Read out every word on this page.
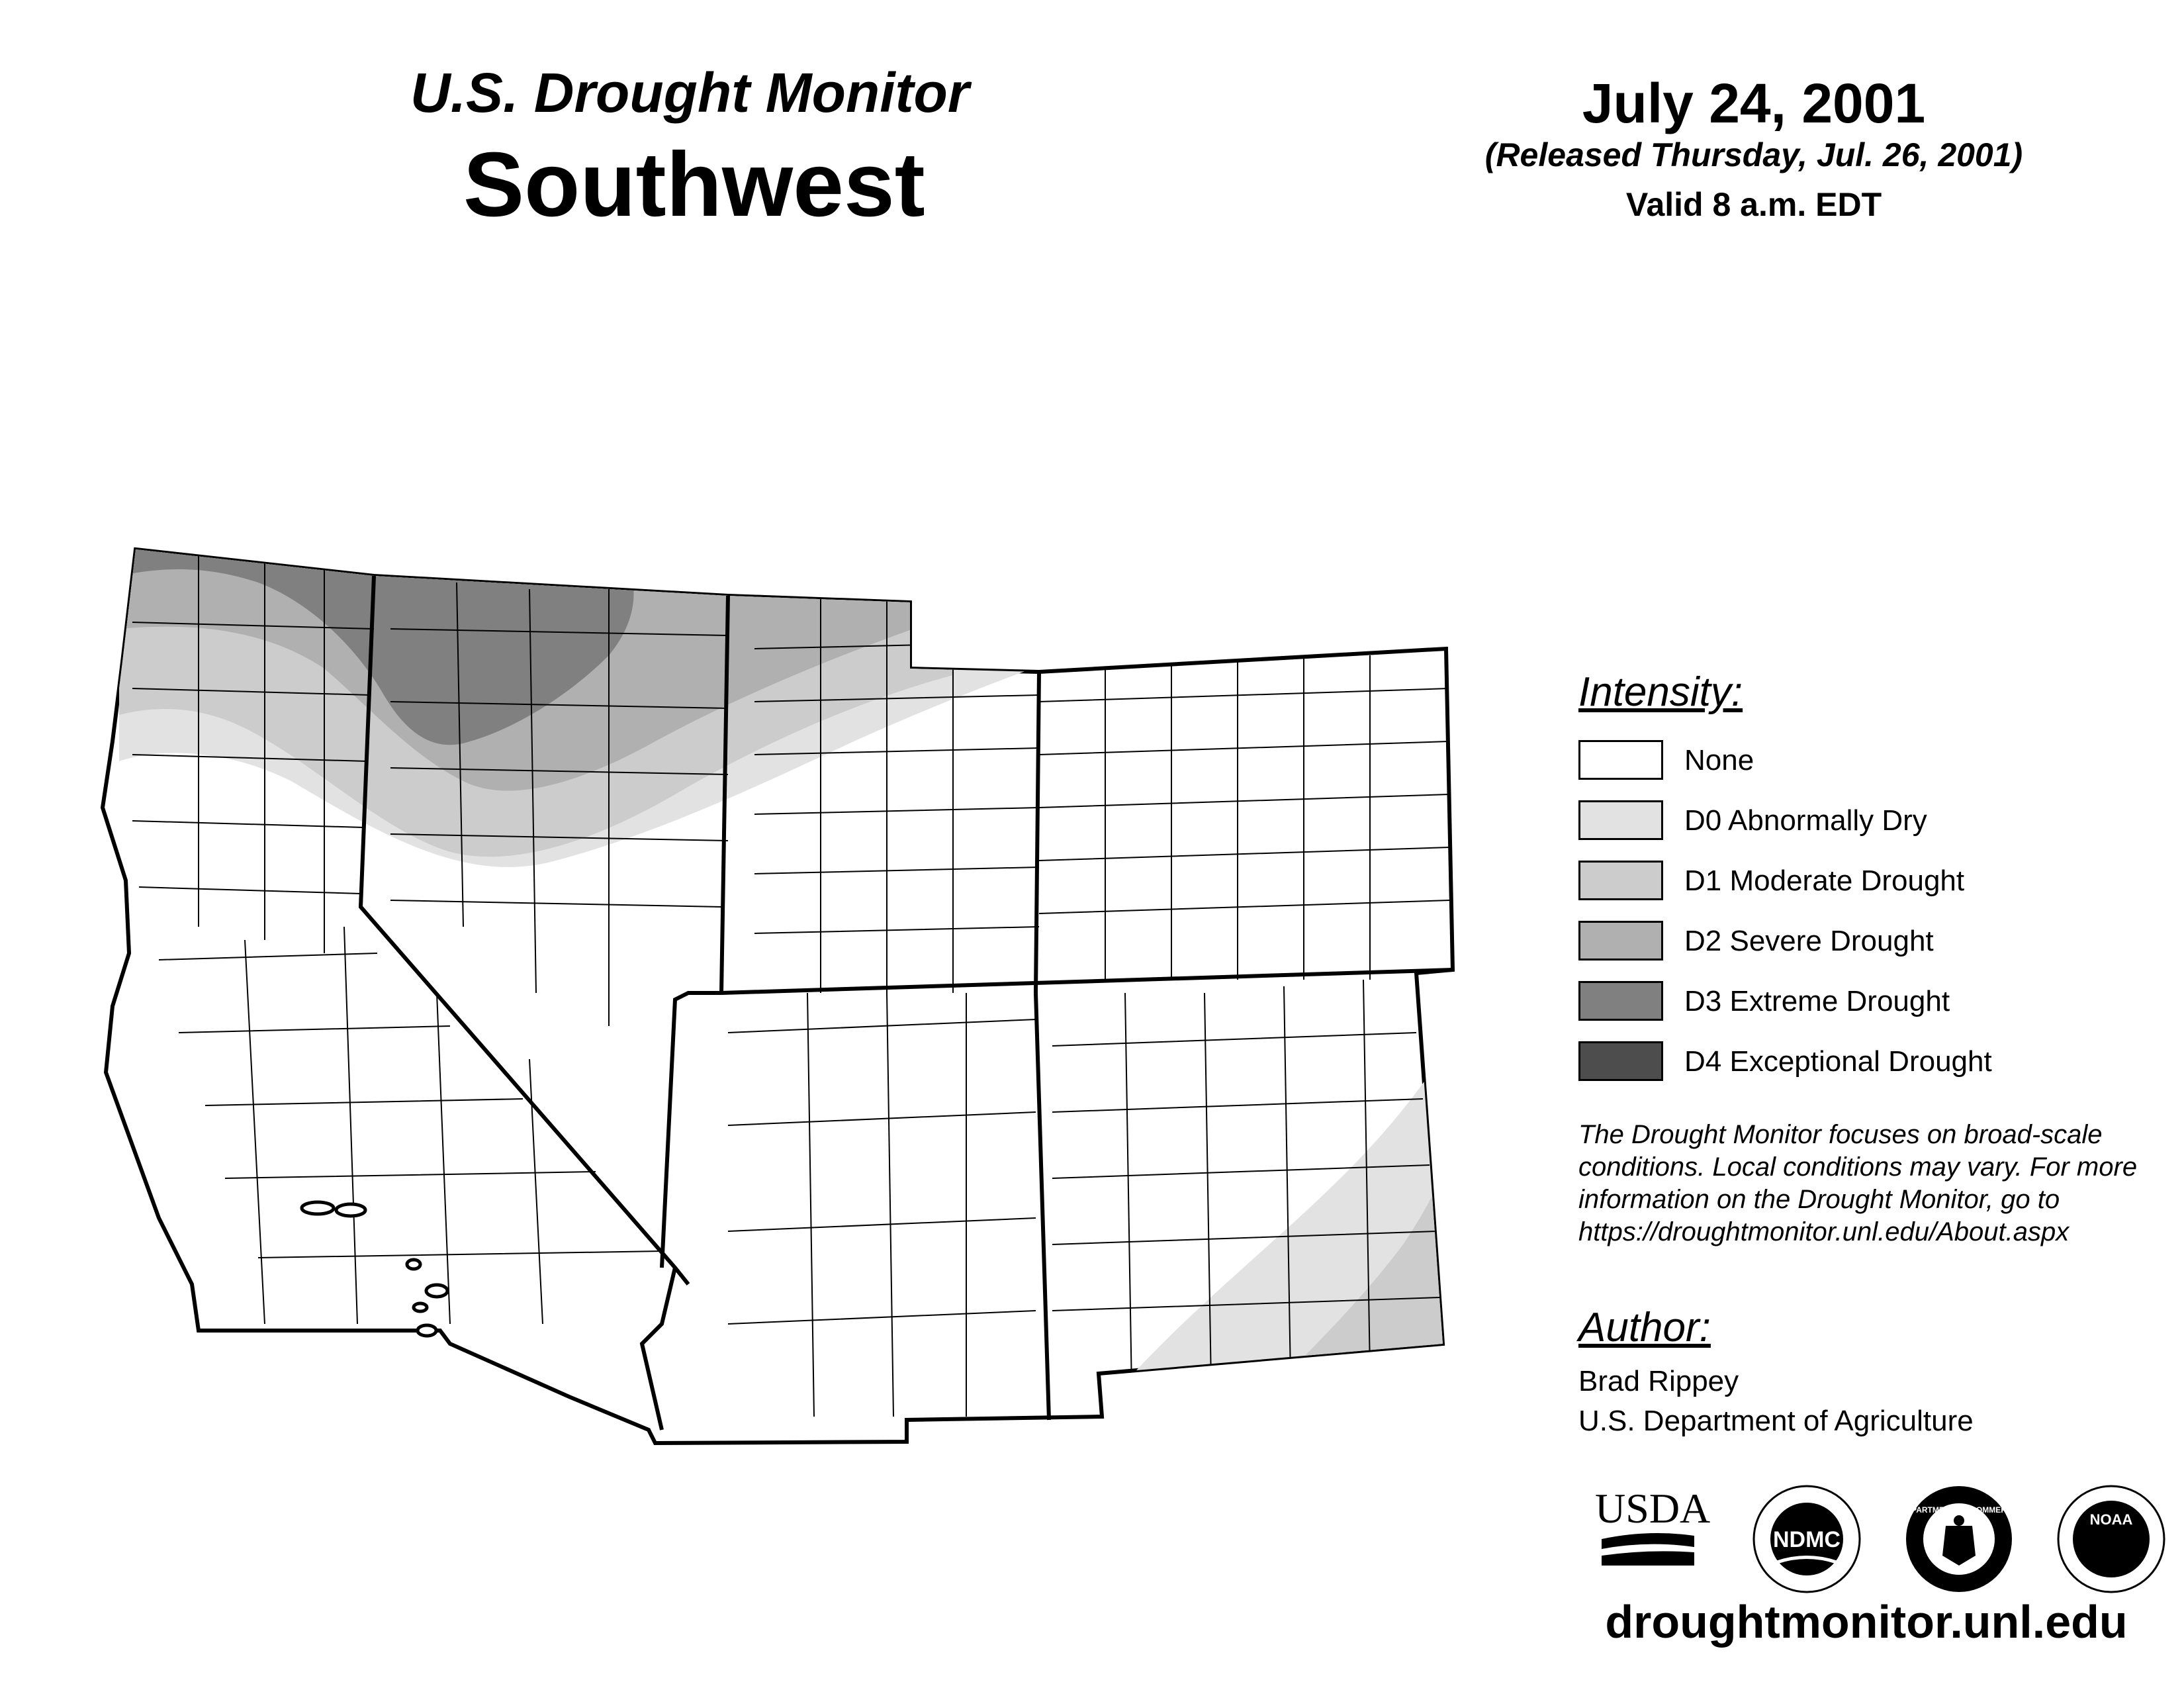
U.S. Drought Monitor
Southwest
July 24, 2001
(Released Thursday, Jul. 26, 2001)
Valid 8 a.m. EDT
Intensity:
None
D0 Abnormally Dry
D1 Moderate Drought
D2 Severe Drought
D3 Extreme Drought
D4 Exceptional Drought
The Drought Monitor focuses on broad-scale conditions. Local conditions may vary. For more information on the Drought Monitor, go to https://droughtmonitor.unl.edu/About.aspx
Author:
Brad Rippey
U.S. Department of Agriculture
USDA
NDMC
DEPARTMENT OF COMMERCE
NOAA
droughtmonitor.unl.edu
